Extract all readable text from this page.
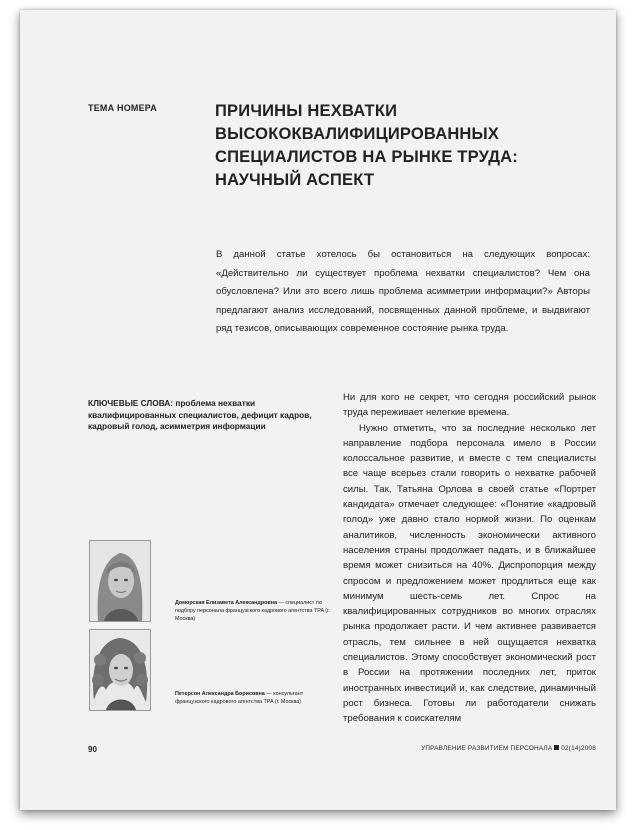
ТЕМА НОМЕРА	ПРИЧИНЫ НЕХВАТКИ
ВЫСОКОКВАЛИФИЦИРОВАННЫХ
СПЕЦИАЛИСТОВ НА РЫНКЕ ТРУДА:
НАУЧНЫЙ АСПЕКТ
В данной статье хотелось бы остановиться на следующих вопросах: «Действительно ли существует проблема нехватки специалистов? Чем она обусловлена? Или это всего лишь проблема асимметрии информации?» Авторы предлагают анализ исследований, посвященных данной проблеме, и выдвигают ряд тезисов, описывающих современное состояние рынка труда.
КЛЮЧЕВЫЕ СЛОВА: проблема нехватки квалифицированных специалистов, дефицит кадров, кадровый голод, асимметрия информации

Ни для кого не секрет, что сегодня российский рынок труда переживает нелегкие времена.

Нужно отметить, что за последние несколько лет направление подбора персонала имело в России колоссальное развитие, и вместе с тем специалисты все чаще всерьез стали говорить о нехватке рабочей силы. Так, Татьяна Орлова в своей статье «Портрет кандидата» отмечает следующее: «Понятие «кадровый голод» уже давно стало нормой жизни. По оценкам аналитиков, численность экономически активного населения страны продолжает падать, и в ближайшее время может снизиться на 40%. Диспропорция между спросом и предложением может продлиться еще как минимум шесть-семь лет. Спрос на квалифицированных сотрудников во многих отраслях рынка продолжает расти. И чем активнее развивается отрасль, тем сильнее в ней ощущается нехватка специалистов. Этому способствует экономический рост в России на протяжении последних лет, приток иностранных инвестиций и, как следствие, динамичный рост бизнеса. Готовы ли работодатели снижать требования к соискателям

Доморская Елизавета Александровна — специалист по подбору персонала французского кадрового агентства TPA (г. Москва)
Петерсон Александра Борисовна — консультант французского кадрового агентства TPA (г. Москва)
90	УПРАВЛЕНИЕ РАЗВИТИЕМ ПЕРСОНАЛА 02(14)2008
